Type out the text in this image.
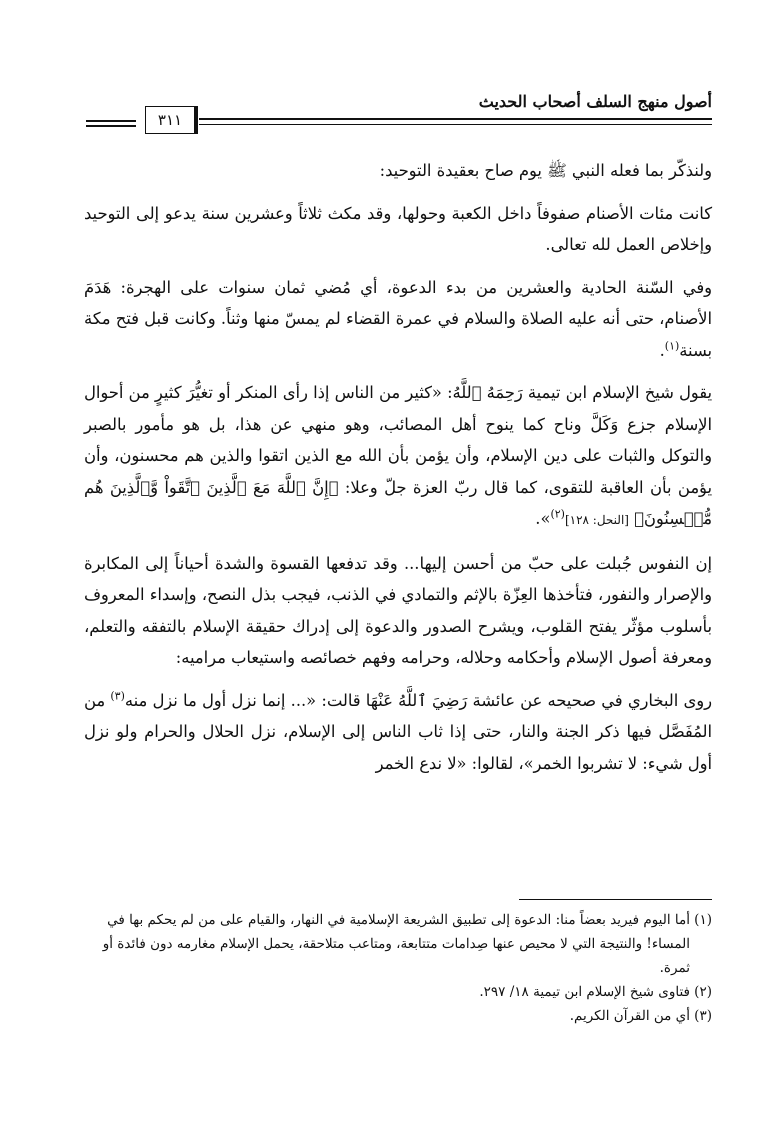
أصول منهج السلف أصحاب الحديث
٣١١

ولنذكّر بما فعله النبي ﷺ يوم صاح بعقيدة التوحيد:

كانت مئات الأصنام صفوفاً داخل الكعبة وحولها، وقد مكث ثلاثاً وعشرين سنة يدعو إلى التوحيد وإخلاص العمل لله تعالى.

وفي السّنة الحادية والعشرين من بدء الدعوة، أي مُضي ثمان سنوات على الهجرة: هَدَمَ الأصنام، حتى أنه عليه الصلاة والسلام في عمرة القضاء لم يمسّ منها وثناً. وكانت قبل فتح مكة بسنة$^{(١)}$.

يقول شيخ الإسلام ابن تيمية رَحِمَهُ ٱللَّهُ: «كثير من الناس إذا رأى المنكر أو تغيُّرَ كثيرٍ من أحوال الإسلام جزع وَكَلَّ وناح كما ينوح أهل المصائب، وهو منهي عن هذا، بل هو مأمور بالصبر والتوكل والثبات على دين الإسلام، وأن يؤمن بأن الله مع الذين اتقوا والذين هم محسنون، وأن يؤمن بأن العاقبة للتقوى، كما قال ربّ العزة جلّ وعلا: ﴿إِنَّ ٱللَّهَ مَعَ ٱلَّذِينَ ٱتَّقَواْ وَّٱلَّذِينَ هُم مُّحۡسِنُونَ﴾ [النحل: ١٢٨]$^{(٢)}$».

إن النفوس جُبلت على حبّ من أحسن إليها... وقد تدفعها القسوة والشدة أحياناً إلى المكابرة والإصرار والنفور، فتأخذها العِزّة بالإثم والتمادي في الذنب، فيجب بذل النصح، وإسداء المعروف بأسلوب مؤثّر يفتح القلوب، ويشرح الصدور والدعوة إلى إدراك حقيقة الإسلام بالتفقه والتعلم، ومعرفة أصول الإسلام وأحكامه وحلاله، وحرامه وفهم خصائصه واستيعاب مراميه:

روى البخاري في صحيحه عن عائشة رَضِيَ ٱللَّهُ عَنْهَا قالت: «... إنما نزل أول ما نزل منه$^{(٣)}$ من المُفَصَّل فيها ذكر الجنة والنار، حتى إذا ثاب الناس إلى الإسلام، نزل الحلال والحرام ولو نزل أول شيء: لا تشربوا الخمر»، لقالوا: «لا ندع الخمر

(١)
أما اليوم فيريد بعضاً منا: الدعوة إلى تطبيق الشريعة الإسلامية في النهار، والقيام على من لم يحكم بها في المساء! والنتيجة التي لا محيص عنها صِدامات متتابعة، ومتاعب متلاحقة، يحمل الإسلام مغارمه دون فائدة أو ثمرة.

(٢)
فتاوى شيخ الإسلام ابن تيمية ١٨/ ٢٩٧.

(٣)
أي من القرآن الكريم.
